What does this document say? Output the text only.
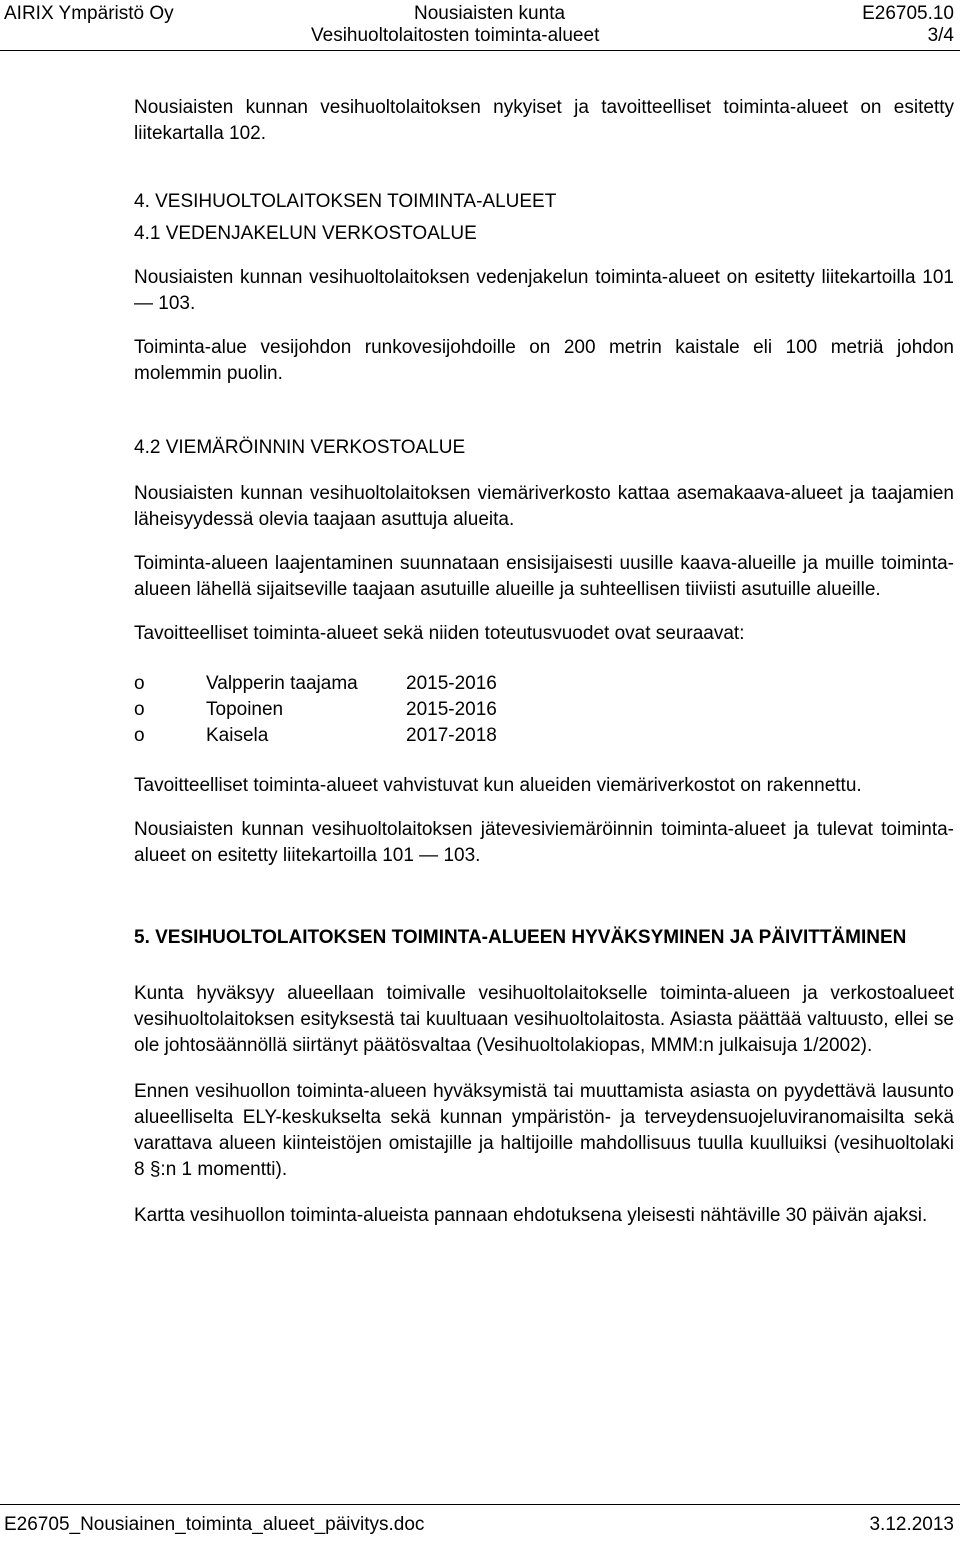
AIRIX Ympäristö Oy	Nousiaisten kunta	E26705.10
Vesihuoltolaitosten toiminta-alueet	3/4

Nousiaisten kunnan vesihuoltolaitoksen nykyiset ja tavoitteelliset toiminta-alueet on esitetty liitekartalla 102.

4. VESIHUOLTOLAITOKSEN TOIMINTA-ALUEET
4.1 VEDENJAKELUN VERKOSTOALUE

Nousiaisten kunnan vesihuoltolaitoksen vedenjakelun toiminta-alueet on esitetty liitekartoilla 101 — 103.

Toiminta-alue vesijohdon runkovesijohdoille on 200 metrin kaistale eli 100 metriä johdon molemmin puolin.

4.2 VIEMÄRÖINNIN VERKOSTOALUE

Nousiaisten kunnan vesihuoltolaitoksen viemäriverkosto kattaa asemakaava-alueet ja taajamien läheisyydessä olevia taajaan asuttuja alueita.

Toiminta-alueen laajentaminen suunnataan ensisijaisesti uusille kaava-alueille ja muille toiminta-alueen lähellä sijaitseville taajaan asutuille alueille ja suhteellisen tiiviisti asutuille alueille.

Tavoitteelliset toiminta-alueet sekä niiden toteutusvuodet ovat seuraavat:

o	Valpperin taajama	2015-2016
o	Topoinen	2015-2016
o	Kaisela	2017-2018

Tavoitteelliset toiminta-alueet vahvistuvat kun alueiden viemäriverkostot on rakennettu.

Nousiaisten kunnan vesihuoltolaitoksen jätevesiviemäröinnin toiminta-alueet ja tulevat toiminta-alueet on esitetty liitekartoilla 101 — 103.

5. VESIHUOLTOLAITOKSEN TOIMINTA-ALUEEN HYVÄKSYMINEN JA PÄIVITTÄMINEN

Kunta hyväksyy alueellaan toimivalle vesihuoltolaitokselle toiminta-alueen ja verkostoalueet vesihuoltolaitoksen esityksestä tai kuultuaan vesihuoltolaitosta. Asiasta päättää valtuusto, ellei se ole johtosäännöllä siirtänyt päätösvaltaa (Vesihuoltolakiopas, MMM:n julkaisuja 1/2002).

Ennen vesihuollon toiminta-alueen hyväksymistä tai muuttamista asiasta on pyydettävä lausunto alueelliselta ELY-keskukselta sekä kunnan ympäristön- ja terveydensuojeluviranomaisilta sekä varattava alueen kiinteistöjen omistajille ja haltijoille mahdollisuus tuulla kuulluiksi (vesihuoltolaki 8 §:n 1 momentti).

Kartta vesihuollon toiminta-alueista pannaan ehdotuksena yleisesti nähtäville 30 päivän ajaksi.

E26705_Nousiainen_toiminta_alueet_päivitys.doc	3.12.2013
